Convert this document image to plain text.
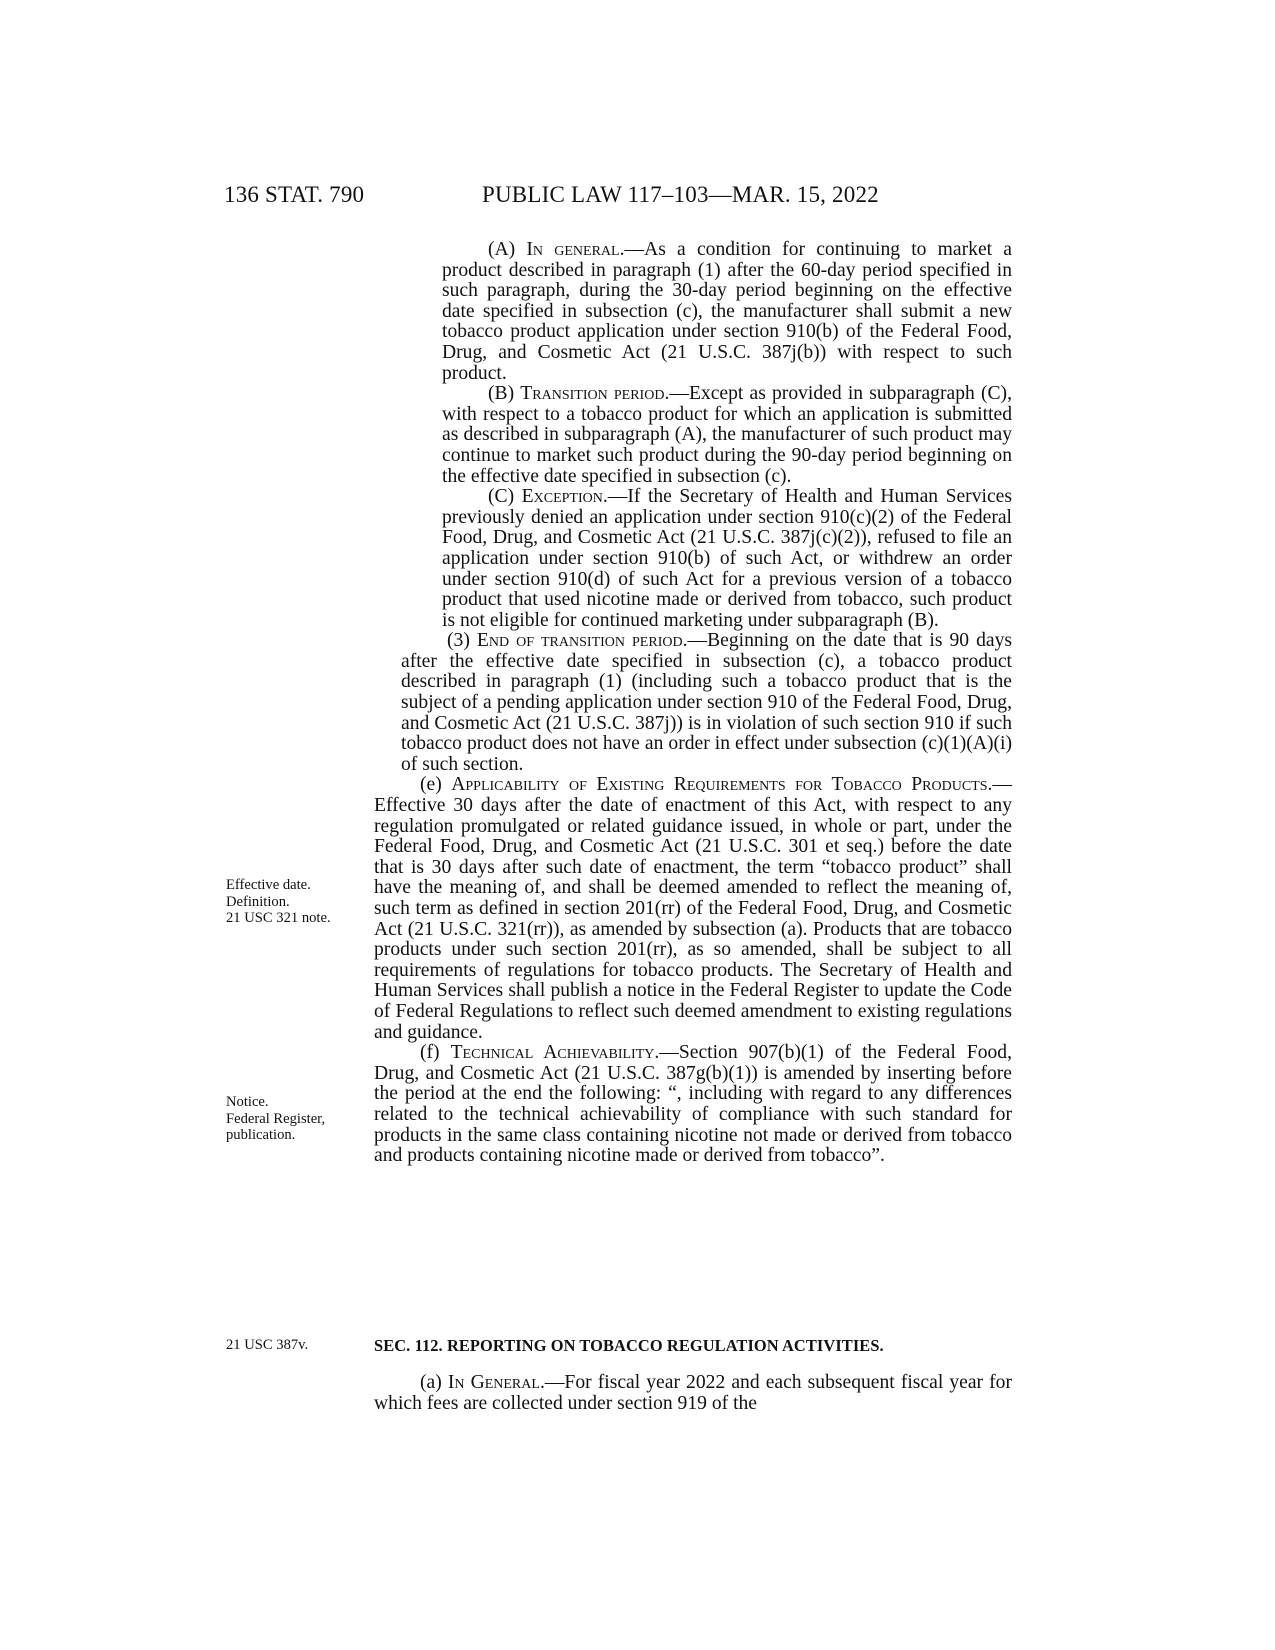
136 STAT. 790	PUBLIC LAW 117–103—MAR. 15, 2022

(A) In general.—As a condition for continuing to market a product described in paragraph (1) after the 60-day period specified in such paragraph, during the 30-day period beginning on the effective date specified in subsection (c), the manufacturer shall submit a new tobacco product application under section 910(b) of the Federal Food, Drug, and Cosmetic Act (21 U.S.C. 387j(b)) with respect to such product.

(B) Transition period.—Except as provided in subparagraph (C), with respect to a tobacco product for which an application is submitted as described in subparagraph (A), the manufacturer of such product may continue to market such product during the 90-day period beginning on the effective date specified in subsection (c).

(C) Exception.—If the Secretary of Health and Human Services previously denied an application under section 910(c)(2) of the Federal Food, Drug, and Cosmetic Act (21 U.S.C. 387j(c)(2)), refused to file an application under section 910(b) of such Act, or withdrew an order under section 910(d) of such Act for a previous version of a tobacco product that used nicotine made or derived from tobacco, such product is not eligible for continued marketing under subparagraph (B).

(3) End of transition period.—Beginning on the date that is 90 days after the effective date specified in subsection (c), a tobacco product described in paragraph (1) (including such a tobacco product that is the subject of a pending application under section 910 of the Federal Food, Drug, and Cosmetic Act (21 U.S.C. 387j)) is in violation of such section 910 if such tobacco product does not have an order in effect under subsection (c)(1)(A)(i) of such section.

(e) Applicability of Existing Requirements for Tobacco Products.—Effective 30 days after the date of enactment of this Act, with respect to any regulation promulgated or related guidance issued, in whole or part, under the Federal Food, Drug, and Cosmetic Act (21 U.S.C. 301 et seq.) before the date that is 30 days after such date of enactment, the term “tobacco product” shall have the meaning of, and shall be deemed amended to reflect the meaning of, such term as defined in section 201(rr) of the Federal Food, Drug, and Cosmetic Act (21 U.S.C. 321(rr)), as amended by subsection (a). Products that are tobacco products under such section 201(rr), as so amended, shall be subject to all requirements of regulations for tobacco products. The Secretary of Health and Human Services shall publish a notice in the Federal Register to update the Code of Federal Regulations to reflect such deemed amendment to existing regulations and guidance.

(f) Technical Achievability.—Section 907(b)(1) of the Federal Food, Drug, and Cosmetic Act (21 U.S.C. 387g(b)(1)) is amended by inserting before the period at the end the following: “, including with regard to any differences related to the technical achievability of compliance with such standard for products in the same class containing nicotine not made or derived from tobacco and products containing nicotine made or derived from tobacco”.

SEC. 112. REPORTING ON TOBACCO REGULATION ACTIVITIES.

(a) In General.—For fiscal year 2022 and each subsequent fiscal year for which fees are collected under section 919 of the

Effective date.
Definition.
21 USC 321 note.
Notice.
Federal Register,
publication.
21 USC 387v.
